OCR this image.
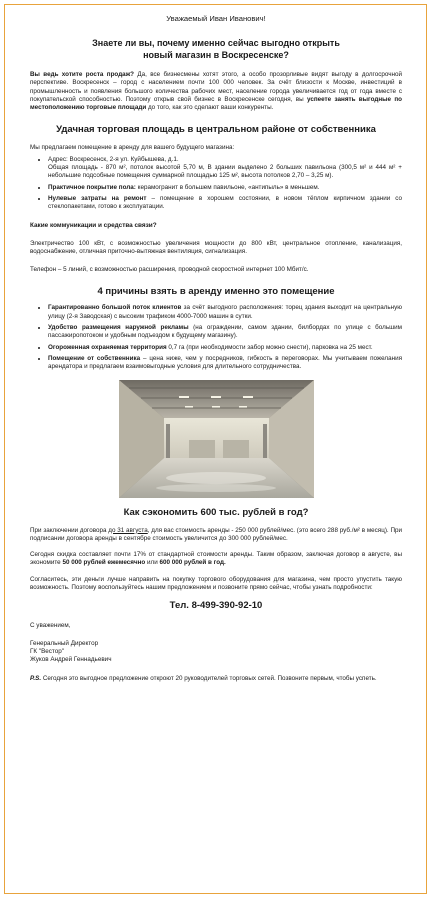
Уважаемый Иван Иванович!

Знаете ли вы, почему именно сейчас выгодно открыть
новый магазин в Воскресенске?

Вы ведь хотите роста продаж? Да, все бизнесмены хотят этого, а особо прозорливые видят выгоду в долгосрочной перспективе. Воскресенск – город с населением почти 100 000 человек. За счёт близости к Москве, инвестиций в промышленность и появления большого количества рабочих мест, население города увеличивается год от года вместе с покупательской способностью. Поэтому открыв свой бизнес в Воскресенске сегодня, вы успеете занять выгодные по местоположению торговые площади до того, как это сделают ваши конкуренты.

Удачная торговая площадь в центральном районе от собственника

Мы предлагаем помещение в аренду для вашего будущего магазина:

• Адрес: Воскресенск, 2-я ул. Куйбышева, д.1.
Общая площадь - 870 м², потолок высотой 5,70 м, В здании выделено 2 больших павильона (300,5 м² и 444 м² + небольшие подсобные помещения суммарной площадью 125 м², высота потолков 2,70 – 3,25 м).
• Практичное покрытие пола: керамогранит в большем павильоне, «антипыль» в меньшем.
• Нулевые затраты на ремонт – помещение в хорошем состоянии, в новом тёплом кирпичном здании со стеклопакетами, готово к эксплуатации.

Какие коммуникации и средства связи?

Электричество 100 кВт, с возможностью увеличения мощности до 800 кВт, центральное отопление, канализация, водоснабжение, отличная приточно-вытяжная вентиляция, сигнализация.

Телефон – 5 линий, с возможностью расширения, проводной скоростной интернет 100 Мбит/с.

4 причины взять в аренду именно это помещение
• Гарантированно большой поток клиентов за счёт выгодного расположения: торец здания выходит на центральную улицу (2-я Заводская) с высоким трафиком 4000-7000 машин в сутки.
• Удобство размещения наружной рекламы (на ограждении, самом здании, билбордах по улице с большим пассажиропотоком и удобным подъездом к будущему магазину).
• Огороженная охраняемая территория 0,7 га (при необходимости забор можно снести), парковка на 25 мест.
• Помещение от собственника – цена ниже, чем у посредников, гибкость в переговорах. Мы учитываем пожелания арендатора и предлагаем взаимовыгодные условия для длительного сотрудничества.
Как сэкономить 600 тыс. рублей в год?

При заключении договора до 31 августа, для вас стоимость аренды - 250 000 рублей/мес. (это всего 288 руб./м² в месяц). При подписании договора аренды в сентябре стоимость увеличится до 300 000 рублей/мес.

Сегодня скидка составляет почти 17% от стандартной стоимости аренды. Таким образом, заключая договор в августе, вы экономите 50 000 рублей ежемесячно или 600 000 рублей в год.

Согласитесь, эти деньги лучше направить на покупку торгового оборудования для магазина, чем просто упустить такую возможность. Поэтому воспользуйтесь нашим предложением и позвоните прямо сейчас, чтобы узнать подробности:

Тел. 8-499-390-92-10

С уважением,

Генеральный Директор

ГК "Вестор"

Жуков Андрей Геннадьевич

P.S. Сегодня это выгодное предложение откроют 20 руководителей торговых сетей. Позвоните первым, чтобы успеть.
